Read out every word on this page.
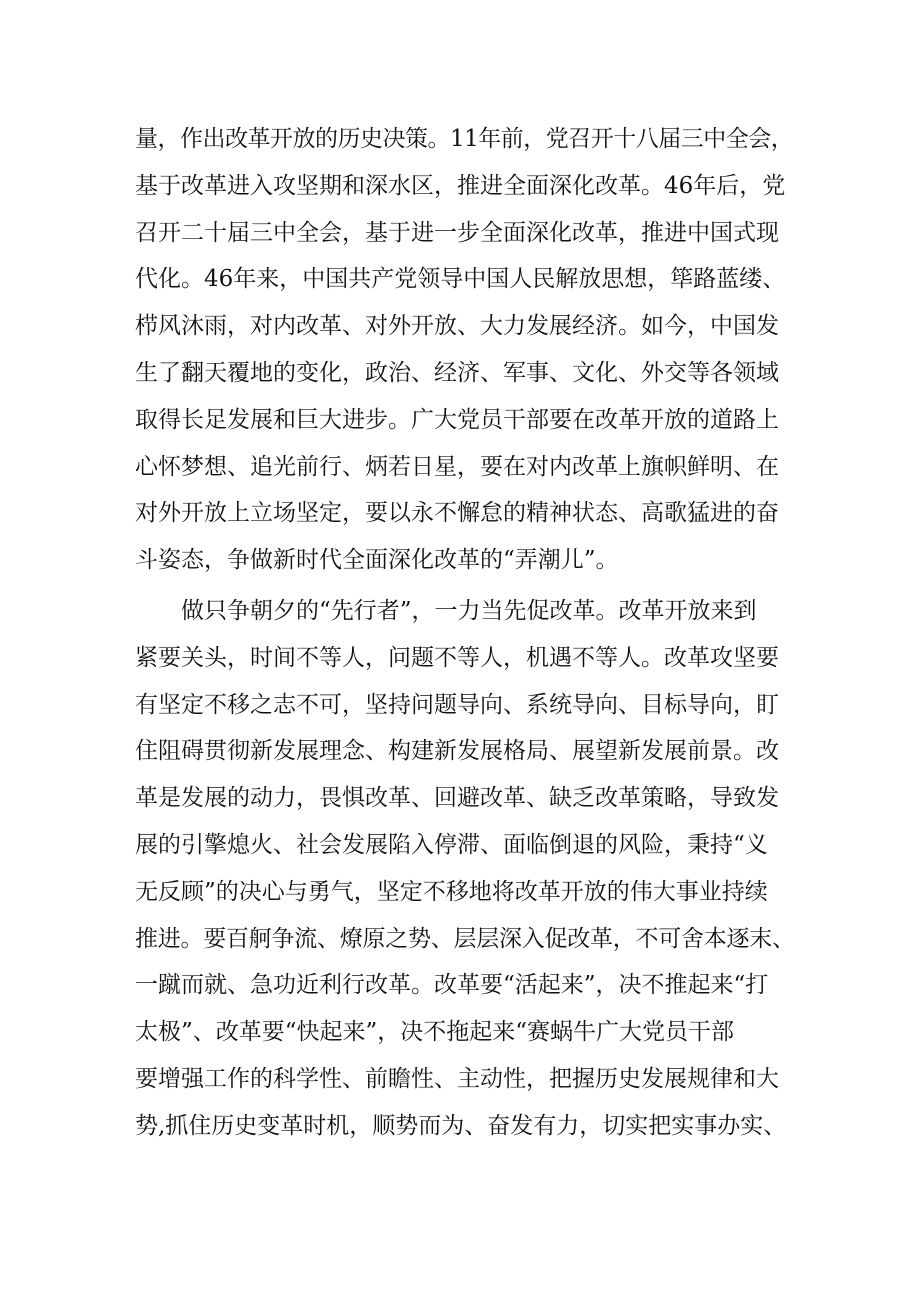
量，作出改革开放的历史决策。11年前，党召开十八届三中全会，
基于改革进入攻坚期和深水区，推进全面深化改革。46年后，党
召开二十届三中全会，基于进一步全面深化改革，推进中国式现
代化。46年来，中国共产党领导中国人民解放思想，筚路蓝缕、
栉风沐雨，对内改革、对外开放、大力发展经济。如今，中国发
生了翻天覆地的变化，政治、经济、军事、文化、外交等各领域
取得长足发展和巨大进步。广大党员干部要在改革开放的道路上
心怀梦想、追光前行、炳若日星，要在对内改革上旗帜鲜明、在
对外开放上立场坚定，要以永不懈怠的精神状态、高歌猛进的奋
斗姿态，争做新时代全面深化改革的“弄潮儿”。
　　做只争朝夕的“先行者”，一力当先促改革。改革开放来到
紧要关头，时间不等人，问题不等人，机遇不等人。改革攻坚要
有坚定不移之志不可，坚持问题导向、系统导向、目标导向，盯
住阻碍贯彻新发展理念、构建新发展格局、展望新发展前景。改
革是发展的动力，畏惧改革、回避改革、缺乏改革策略，导致发
展的引擎熄火、社会发展陷入停滞、面临倒退的风险，秉持“义
无反顾”的决心与勇气，坚定不移地将改革开放的伟大事业持续
推进。要百舸争流、燎原之势、层层深入促改革，不可舍本逐末、
一蹴而就、急功近利行改革。改革要“活起来”，决不推起来“打
太极”、改革要“快起来”，决不拖起来“赛蜗牛广大党员干部
要增强工作的科学性、前瞻性、主动性，把握历史发展规律和大
势,抓住历史变革时机，顺势而为、奋发有力，切实把实事办实、
